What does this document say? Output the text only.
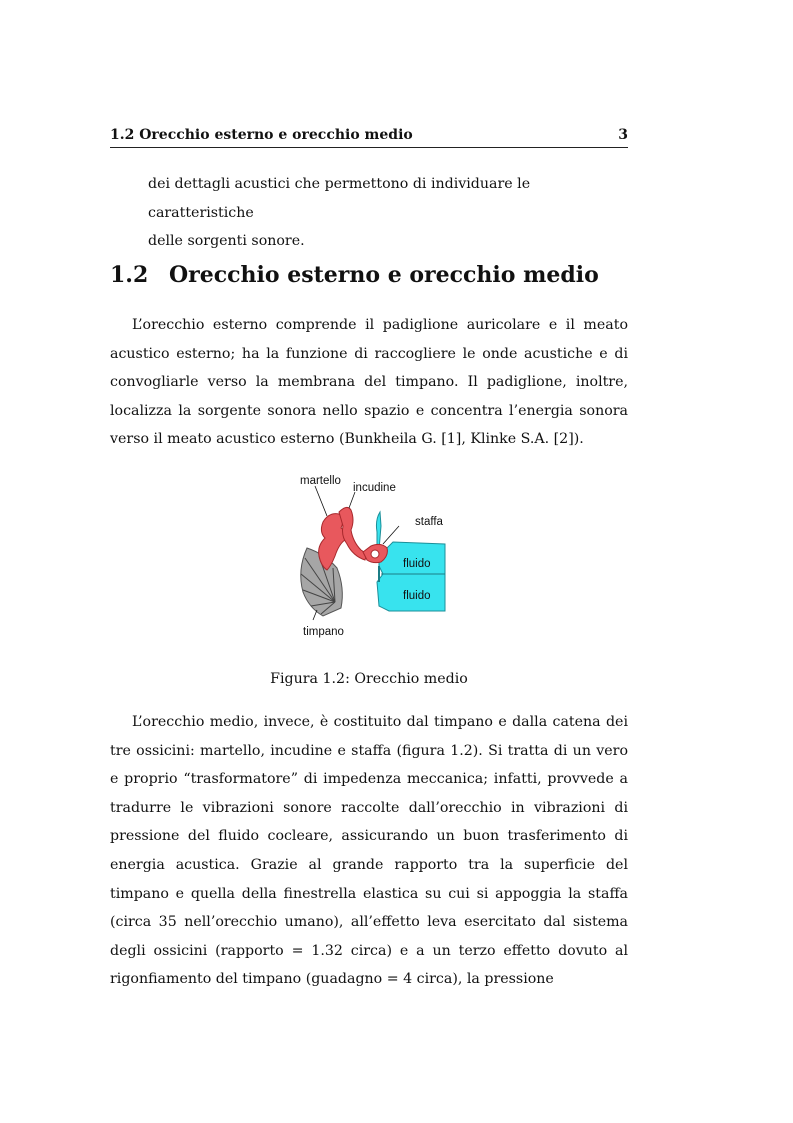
1.2 Orecchio esterno e orecchio medio	3
dei dettagli acustici che permettono di individuare le caratteristiche
delle sorgenti sonore.
1.2 Orecchio esterno e orecchio medio

L’orecchio esterno comprende il padiglione auricolare e il meato acustico esterno; ha la funzione di raccogliere le onde acustiche e di convogliarle verso la membrana del timpano. Il padiglione, inoltre, localizza la sorgente sonora nello spazio e concentra l’energia sonora verso il meato acustico esterno (Bunkheila G. [1], Klinke S.A. [2]).

martello
incudine
staffa
fluido
fluido
timpano

Figura 1.2: Orecchio medio

L’orecchio medio, invece, è costituito dal timpano e dalla catena dei tre ossicini: martello, incudine e staffa (figura 1.2). Si tratta di un vero e proprio “trasformatore” di impedenza meccanica; infatti, provvede a tradurre le vibrazioni sonore raccolte dall’orecchio in vibrazioni di pressione del fluido cocleare, assicurando un buon trasferimento di energia acustica. Grazie al grande rapporto tra la superficie del timpano e quella della finestrella elastica su cui si appoggia la staffa (circa 35 nell’orecchio umano), all’effetto leva esercitato dal sistema degli ossicini (rapporto = 1.32 circa) e a un terzo effetto dovuto al rigonfiamento del timpano (guadagno = 4 circa), la pressione
